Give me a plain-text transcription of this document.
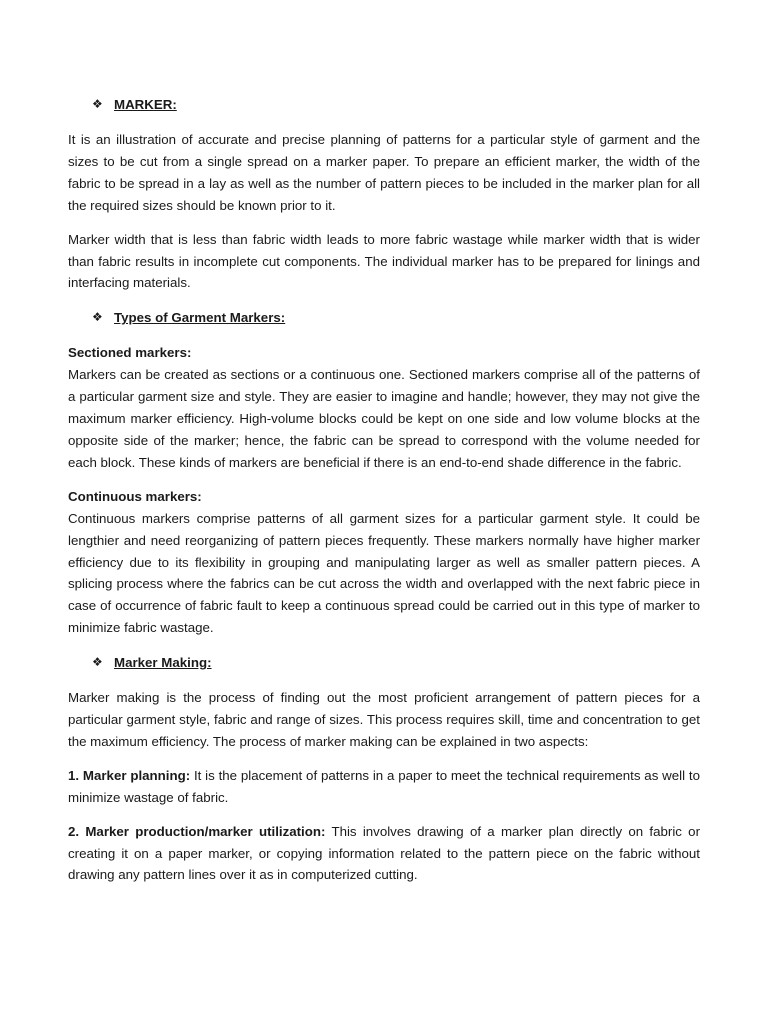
❖ MARKER:

It is an illustration of accurate and precise planning of patterns for a particular style of garment and the sizes to be cut from a single spread on a marker paper. To prepare an efficient marker, the width of the fabric to be spread in a lay as well as the number of pattern pieces to be included in the marker plan for all the required sizes should be known prior to it.

Marker width that is less than fabric width leads to more fabric wastage while marker width that is wider than fabric results in incomplete cut components. The individual marker has to be prepared for linings and interfacing materials.

❖ Types of Garment Markers:

Sectioned markers:

Markers can be created as sections or a continuous one. Sectioned markers comprise all of the patterns of a particular garment size and style. They are easier to imagine and handle; however, they may not give the maximum marker efficiency. High-volume blocks could be kept on one side and low volume blocks at the opposite side of the marker; hence, the fabric can be spread to correspond with the volume needed for each block. These kinds of markers are beneficial if there is an end-to-end shade difference in the fabric.

Continuous markers:

Continuous markers comprise patterns of all garment sizes for a particular garment style. It could be lengthier and need reorganizing of pattern pieces frequently. These markers normally have higher marker efficiency due to its flexibility in grouping and manipulating larger as well as smaller pattern pieces. A splicing process where the fabrics can be cut across the width and overlapped with the next fabric piece in case of occurrence of fabric fault to keep a continuous spread could be carried out in this type of marker to minimize fabric wastage.

❖ Marker Making:

Marker making is the process of finding out the most proficient arrangement of pattern pieces for a particular garment style, fabric and range of sizes. This process requires skill, time and concentration to get the maximum efficiency. The process of marker making can be explained in two aspects:

1. Marker planning: It is the placement of patterns in a paper to meet the technical requirements as well to minimize wastage of fabric.

2. Marker production/marker utilization: This involves drawing of a marker plan directly on fabric or creating it on a paper marker, or copying information related to the pattern piece on the fabric without drawing any pattern lines over it as in computerized cutting.
